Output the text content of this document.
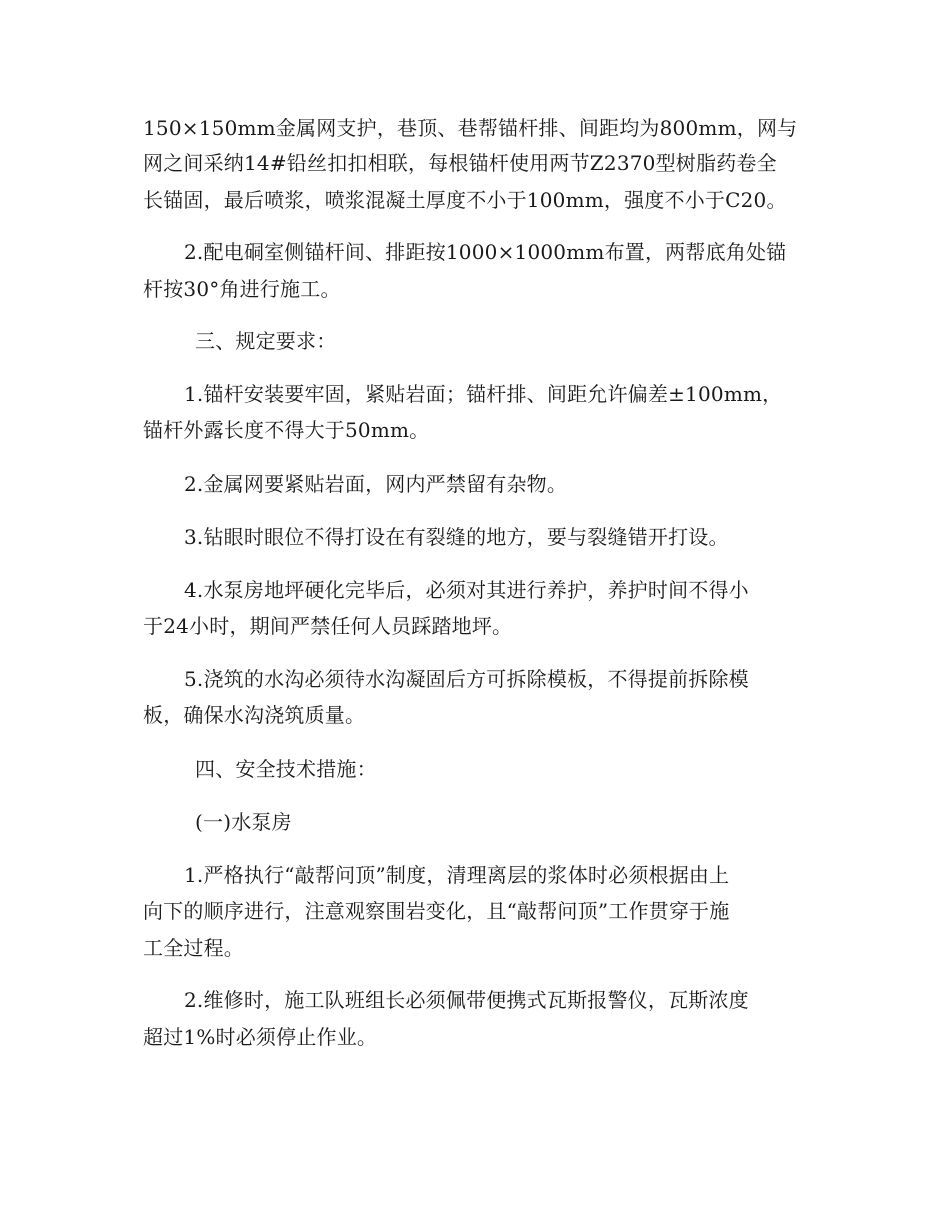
150×150mm金属网支护，巷顶、巷帮锚杆排、间距均为800mm，网与
网之间采纳14#铅丝扣扣相联，每根锚杆使用两节Z2370型树脂药卷全
长锚固，最后喷浆，喷浆混凝土厚度不小于100mm，强度不小于C20。
2.配电硐室侧锚杆间、排距按1000×1000mm布置，两帮底角处锚
杆按30°角进行施工。
三、规定要求：
1.锚杆安装要牢固，紧贴岩面；锚杆排、间距允许偏差±100mm，
锚杆外露长度不得大于50mm。
2.金属网要紧贴岩面，网内严禁留有杂物。
3.钻眼时眼位不得打设在有裂缝的地方，要与裂缝错开打设。
4.水泵房地坪硬化完毕后，必须对其进行养护，养护时间不得小
于24小时，期间严禁任何人员踩踏地坪。
5.浇筑的水沟必须待水沟凝固后方可拆除模板，不得提前拆除模
板，确保水沟浇筑质量。
四、安全技术措施：
(一)水泵房
1.严格执行“敲帮问顶”制度，清理离层的浆体时必须根据由上
向下的顺序进行，注意观察围岩变化，且“敲帮问顶”工作贯穿于施
工全过程。
2.维修时，施工队班组长必须佩带便携式瓦斯报警仪，瓦斯浓度
超过1%时必须停止作业。
